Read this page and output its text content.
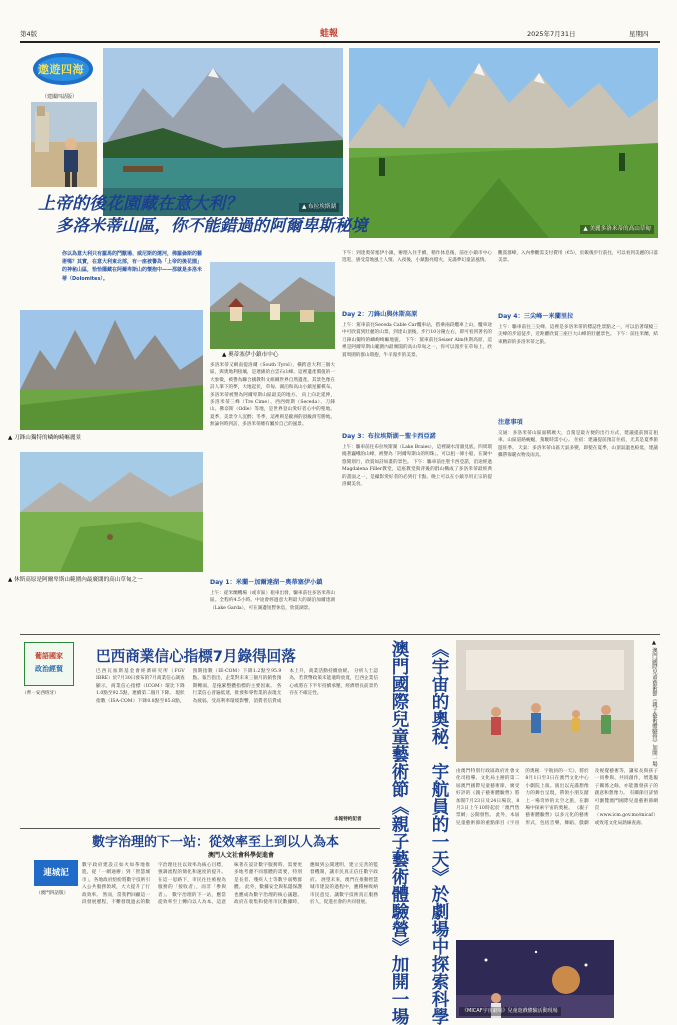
第4版	蛙報	2025年7月31日	星期四
遨遊四海
（建國四話版）
▲ 布拉埃斯湖
▲ 美麗多洛米蒂的高山草甸
上帝的後花園藏在意大利？
多洛米蒂山區，你不能錯過的阿爾卑斯秘境
你以為意大利只有羅馬的鬥獸場、威尼斯的運河，佛羅倫斯的藝術嗎？其實，在意大利東北部，有一座被譽為「上帝的後花園」的神秘山區，恰恰隱藏在阿爾卑斯山的懷抱中——那就是多洛米蒂（Dolomites）。
▲ 刀鋒山獨特的嶙峋崎嶇麗景
▲ 休斯高原是阿爾卑斯山範圍內最廣闊的高山草甸之一
▲ 奧蒂塞伊小鎮市中心
多洛米蒂又稱南提洛爾（South Tyrol），橫跨意大利三個大區，與奧地利接壤，是連綿的白雲石山峰。這裡遺產價值的一大象徵，被譽為聯合國教科文組織世界自然遺產。其景色像在詩人筆下的夢，大地起伏，草甸、湖泊和高山小鎮星羅棋布。多洛米蒂被譽為阿爾卑斯山區最美的地方。 向上向北延伸，多洛米蒂三峰（Tre Cime）、西西姆斯（Seceda）、刀鋒山、佛奈斯（Odle）等地，是世界登山愛好者心中的聖地。 夏季，美景令人沉醉；冬季，這裡則是歐洲的頂級滑雪勝地。無論何時到訪，多洛米蒂總有屬於自己的風景。
Day 1：米蘭－加爾達湖－奧蒂塞伊小鎮
上午：從米蘭機場（或市區）租車出發，驅車前往多洛米蒂山區。全程約4.5小時。中途會經過意大利最大的湖泊加爾達湖（Lake Garda），可在湖邊短暫休息，欣賞湖景。
下午：到達奧蒂塞伊小鎮，辦理入住手續，稍作休息後，前往小鎮市中心逛逛，感受當地風土人情。入夜後，小鎮點亮燈火，充滿夢幻童話風情。
Day 2：刀鋒山與休斯高原
上午：駕車前往Seceda Cable Car纜車站，搭乘兩段纜車上山，纜車途中可欣賞到壯麗的山景。到達山頂後，步行10分鐘左右，即可看到著名的刀鋒山獨特的嶙峋崎嶇地貌。 下午：駕車前往Seiser Alm休斯高原，這裡是阿爾卑斯山範圍內最廣闊的高山草甸之一，你可以漫步在草甸上，欣賞周圍的群山環抱，牛羊漫步的美景。
Day 3：布拉埃斯湖－聖卡西亞諾
上午：驅車前往布拉埃斯湖（Lake Braies），這裡湖水清澈見底，四周環繞著巍峨的山峰，被譽為「阿爾卑斯山的明珠」。可以租一條小船，在湖中悠閒划行，欣賞如詩如畫的景色。 下午：驅車前往聖卡西亞諾，沿途經過Magdalena Filler教堂，這座教堂與背後的群山構成了多洛米蒂最經典的畫面之一，是攝影愛好者的必到打卡點。晚上可以在小鎮享用正宗的提洛爾美食。
觀賞群峰，入內參觀需支付費用（€5），於飯後步行前往，可以看到美麗的日落美景。
Day 4：三尖峰－米蘭里拉
上午：驅車前往三尖峰，這裡是多洛米蒂的標誌性景點之一，可以沿著環繞三尖峰的步道徒步，近距離欣賞三座巨大山峰的壯麗景色。 下午：前往米蘭，結束精彩的多洛米蒂之旅。
注意事項
交通：多洛米蒂山區面積廣大，自駕是最方便的出行方式，建議提前預訂租車。山區道路蜿蜒，駕駛時需小心。 住宿：建議提前預訂住宿，尤其是夏季旅遊旺季。 天氣：多洛米蒂山區天氣多變，即使在夏季，山頂氣溫也較低，建議攜帶保暖衣物及雨具。
葡語國家
政治經貿
（齊一安西班牙）
巴西商業信心指標7月錄得回落
巴西瓦加斯基金會經濟研究所（FGV IBRE）於7月30日發布的7月商業信心調查顯示，商業信心指標（ICOM）環比下降1.0點至92.5點，連續第二個月下降。 現狀指數（ISA-COM）下降0.8點至85.8點，預期指數（IE-COM）下降1.2點至95.9點。報告指出，企業對未來三個月的銷售預期轉弱，是拖累整體指標的主要因素。 各行業信心普遍低迷，批發和零售業的表現尤為疲弱。受高利率環境影響，消費者信貸成本上升，商業活動持續放緩。 分析人士認為，若貨幣政策未能適時放寬，巴西企業信心或將在下半年持續承壓，經濟增長前景仍存在不確定性。
本報特約記者
連城記
（澳門四話版）
數字治理的下一站：從效率至上到以人為本
澳門人文社會科學促進會
數字政府建設正如火如荼地推進，從「一網通辦」到「智慧城市」，各地政府紛紛將數字技術引入公共服務領域，大大提升了行政效率。 然而，當我們回顧這一段發展歷程，不難發現過去的數字治理往往以效率為核心目標，強調流程的簡化和速度的提升。在這一思路下，市民往往被視為服務的「接收者」，而非「參與者」。 數字治理的下一站，應當從效率至上轉向以人為本。這意味著在設計數字服務時，需要更多地考慮不同群體的需要，特別是長者、殘疾人士等數字弱勢群體。 此外，數據安全與私隱保護也應成為數字治理的核心議題。政府在收集和使用市民數據時，應做到公開透明，建立完善的監督機制，讓市民真正信任數字政府。 展望未來，澳門在推動智慧城市建設的過程中，應積極吸納市民意見，讓數字技術真正服務於人，促進社會的共同發展。
▲ 澳門國際兒童藝術節《親子藝術體驗營》加開一場
《宇宙的奧秘．宇航員的一天》於劇場中探索科學
澳門國際兒童藝術節《親子藝術體驗營》加開一場	由澳門特別行政區政府社會文化司指導、文化局主辦的第二屆澳門國際兒童藝術節，廣受好評的《親子藝術體驗營》將加開7月23日及24日場次，8月3日上午10時起於「澳門售票網」公開發售。 此外，本屆兒童藝術節的重點節目《宇宙的奧秘．宇航員的一天》，將於8月1日至3日在澳門文化中心小劇院上演。演出以充滿想像力的舞台呈現，帶領小朋友踏上一場奇妙的太空之旅，在劇場中探索宇宙的奧秘。 《親子藝術體驗營》以多元化的藝術形式，包括音樂、舞蹈、戲劇及視覺藝術等，讓家長與孩子一同參與、共同創作，增進親子關係之餘，亦能激發孩子的創意和想像力。 有關節目詳情可瀏覽澳門國際兒童藝術節網頁（www.icm.gov.mo/micaf）或致電文化局熱線查詢。
《MICAF宇宙劇場》兒童遊戲體驗活動現場
